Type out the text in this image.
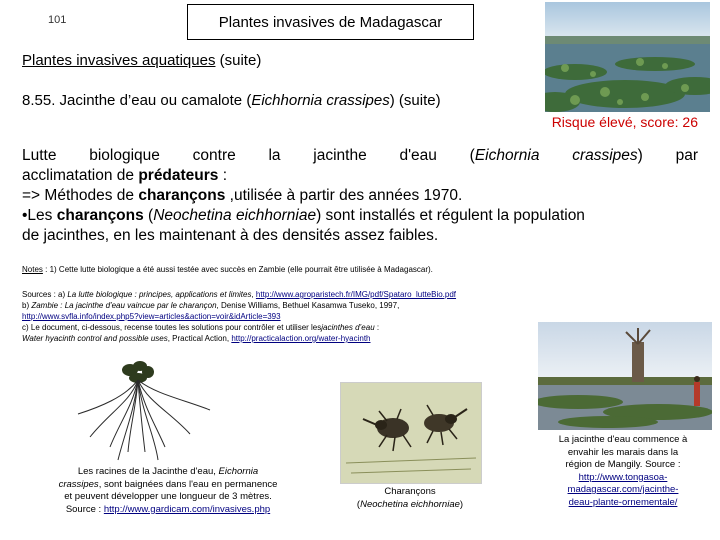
101	Plantes invasives de Madagascar
Plantes invasives aquatiques (suite)
8.55. Jacinthe d’eau ou camalote (Eichhornia crassipes) (suite)
Risque élevé, score: 26
Lutte biologique contre la jacinthe d'eau (Eichornia crassipes) par
acclimatation de prédateurs :
=> Méthodes de charançons ,utilisée à partir des années 1970.
•Les charançons (Neochetina eichhorniae) sont installés et régulent la population
de jacinthes, en les maintenant à des densités assez faibles.
Notes : 1) Cette lutte biologique a été aussi testée avec succès en Zambie (elle pourrait être utilisée à Madagascar).
Sources : a) La lutte biologique : principes, applications et limites, http://www.agroparistech.fr/IMG/pdf/Spataro_lutteBio.pdf
b) Zambie : La jacinthe d'eau vaincue par le charançon, Denise Williams, Bethuel Kasamwa Tuseko, 1997,
http://www.svfla.info/index.php5?view=articles&action=voir&idArticle=393
c) Le document, ci-dessous, recense toutes les solutions pour contrôler et utiliser lesjacinthes d’eau :
Water hyacinth control and possible uses, Practical Action, http://practicalaction.org/water-hyacinth
Les racines de la Jacinthe d'eau, Eichornia
crassipes, sont baignées dans l'eau en permanence
et peuvent développer une longueur de 3 mètres.
Source : http://www.gardicam.com/invasives.php
Charançons
(Neochetina eichhorniae)
La jacinthe d'eau commence à
envahir les marais dans la
région de Mangily. Source :
http://www.tongasoa-
madagascar.com/jacinthe-
deau-plante-ornementale/
